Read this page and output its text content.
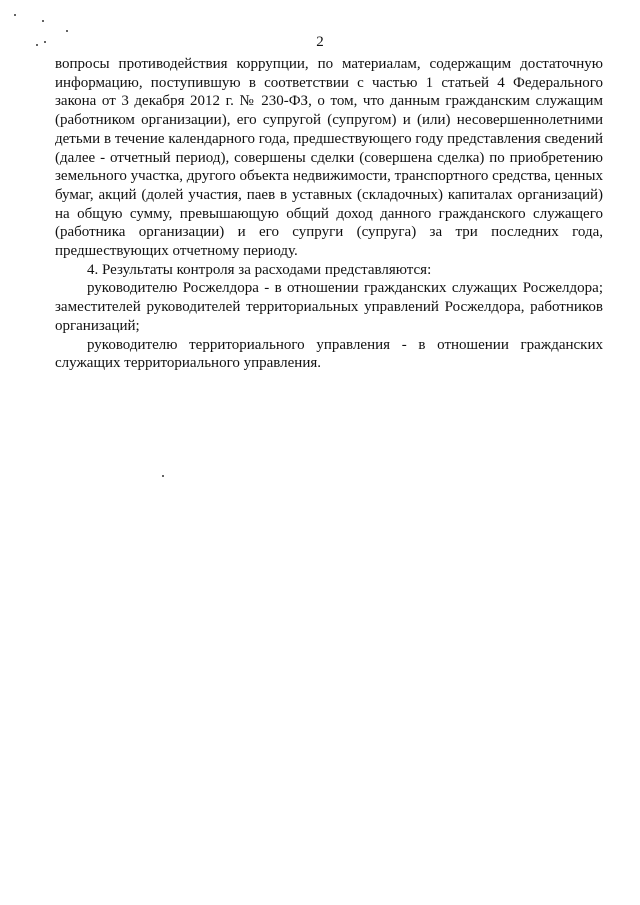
2

вопросы противодействия коррупции, по материалам, содержащим достаточную информацию, поступившую в соответствии с частью 1 статьей 4 Федерального закона от 3 декабря 2012 г. № 230-ФЗ, о том, что данным гражданским служащим (работником организации), его супругой (супругом) и (или) несовершеннолетними детьми в течение календарного года, предшествующего году представления сведений (далее - отчетный период), совершены сделки (совершена сделка) по приобретению земельного участка, другого объекта недвижимости, транспортного средства, ценных бумаг, акций (долей участия, паев в уставных (складочных) капиталах организаций) на общую сумму, превышающую общий доход данного гражданского служащего (работника организации) и его супруги (супруга) за три последних года, предшествующих отчетному периоду.

4. Результаты контроля за расходами представляются:

руководителю Росжелдора - в отношении гражданских служащих Росжелдора; заместителей руководителей территориальных управлений Росжелдора, работников организаций;

руководителю территориального управления - в отношении гражданских служащих территориального управления.
